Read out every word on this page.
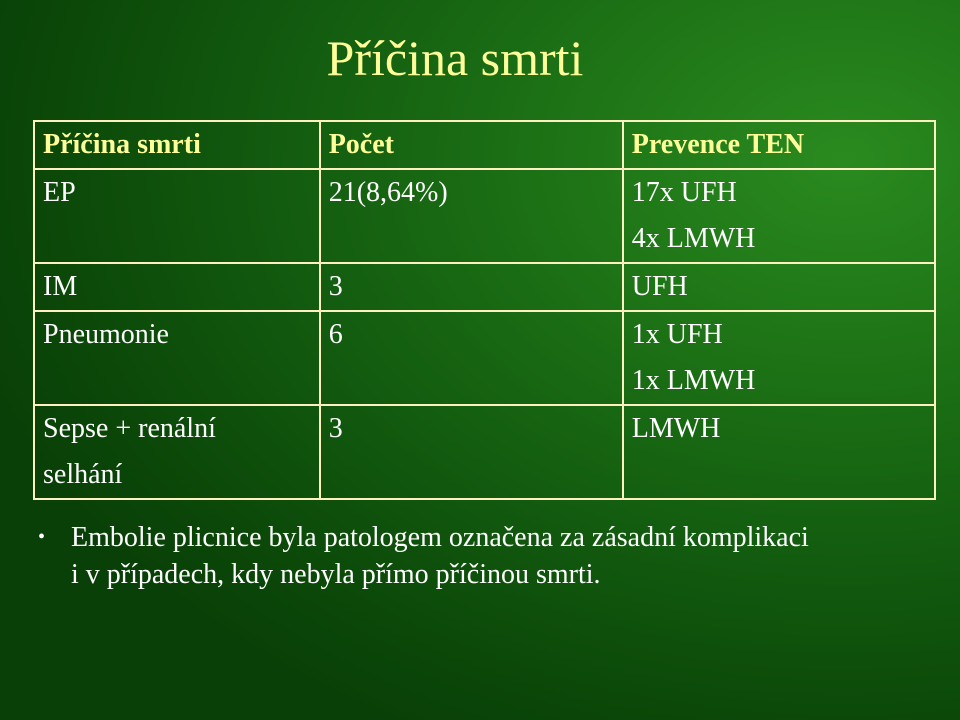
Příčina smrti
Příčina smrti	Počet	Prevence TEN

EP	21(8,64%)	17x UFH
4x LMWH

IM	3	UFH

Pneumonie	6	1x UFH
1x LMWH

Sepse + renální
selhání	3	LMWH
• Embolie plicnice byla patologem označena za zásadní komplikaci
i v případech, kdy nebyla přímo příčinou smrti.
